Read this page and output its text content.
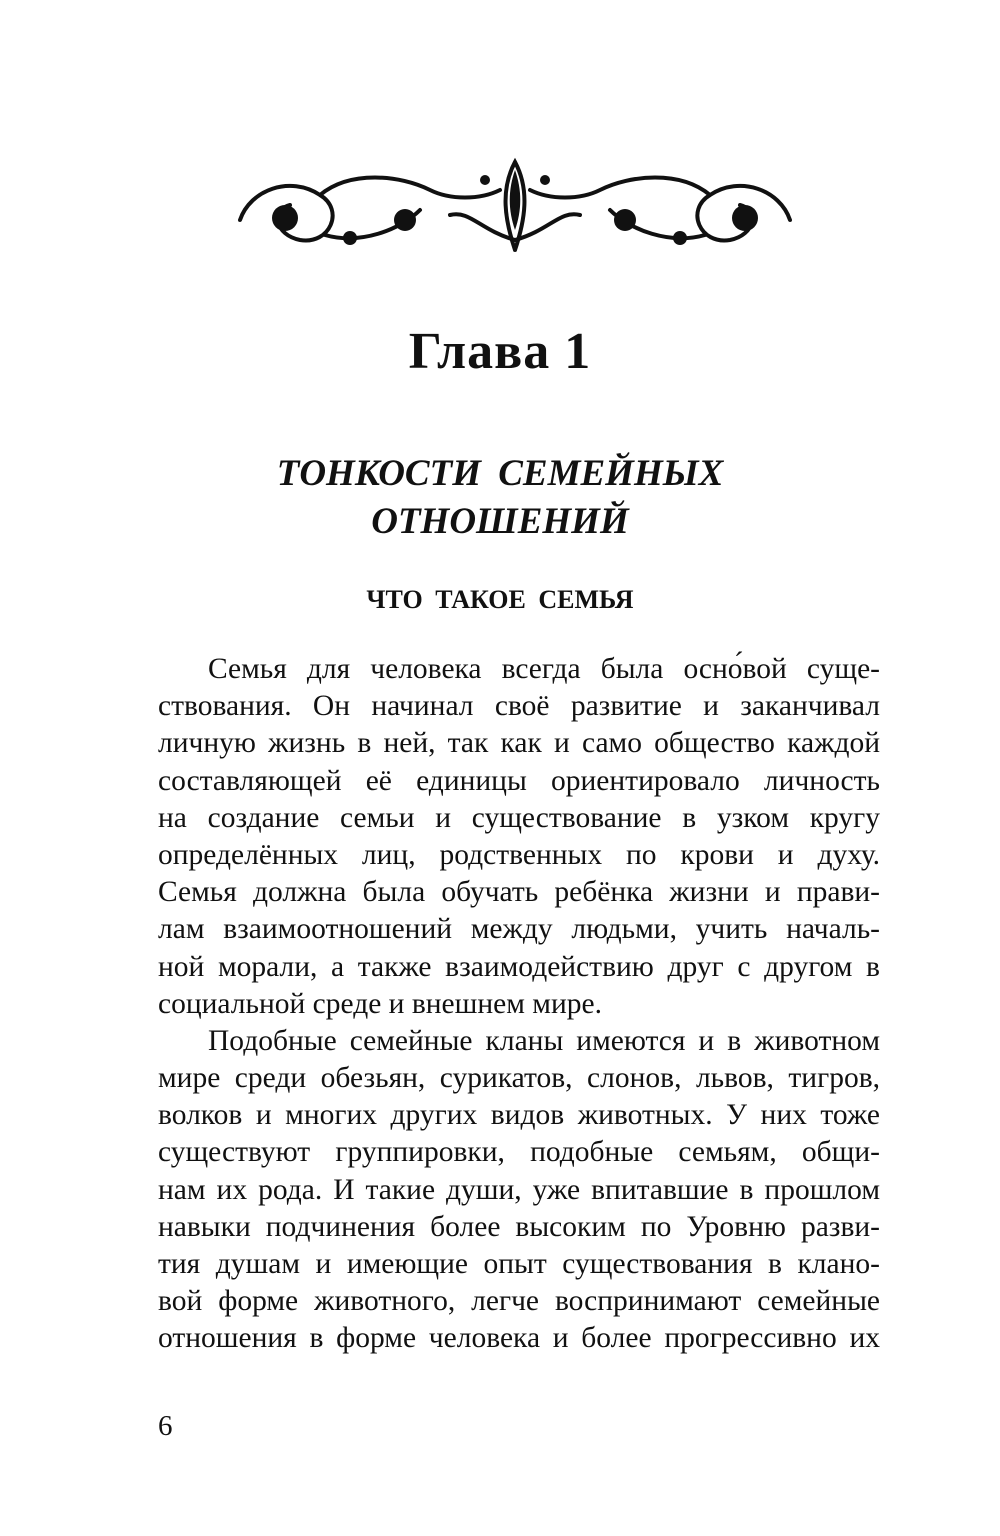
Глава 1
ТОНКОСТИ СЕМЕЙНЫХ
ОТНОШЕНИЙ
ЧТО ТАКОЕ СЕМЬЯ
Семья для человека всегда была осно́вой суще-
ствования. Он начинал своё развитие и заканчивал
личную жизнь в ней, так как и само общество каждой
составляющей её единицы ориентировало личность
на создание семьи и существование в узком кругу
определённых лиц, родственных по крови и духу.
Семья должна была обучать ребёнка жизни и прави-
лам взаимоотношений между людьми, учить началь-
ной морали, а также взаимодействию друг с другом в
социальной среде и внешнем мире.
Подобные семейные кланы имеются и в животном
мире среди обезьян, сурикатов, слонов, львов, тигров,
волков и многих других видов животных. У них тоже
существуют группировки, подобные семьям, общи-
нам их рода. И такие души, уже впитавшие в прошлом
навыки подчинения более высоким по Уровню разви-
тия душам и имеющие опыт существования в клано-
вой форме животного, легче воспринимают семейные
отношения в форме человека и более прогрессивно их
6
